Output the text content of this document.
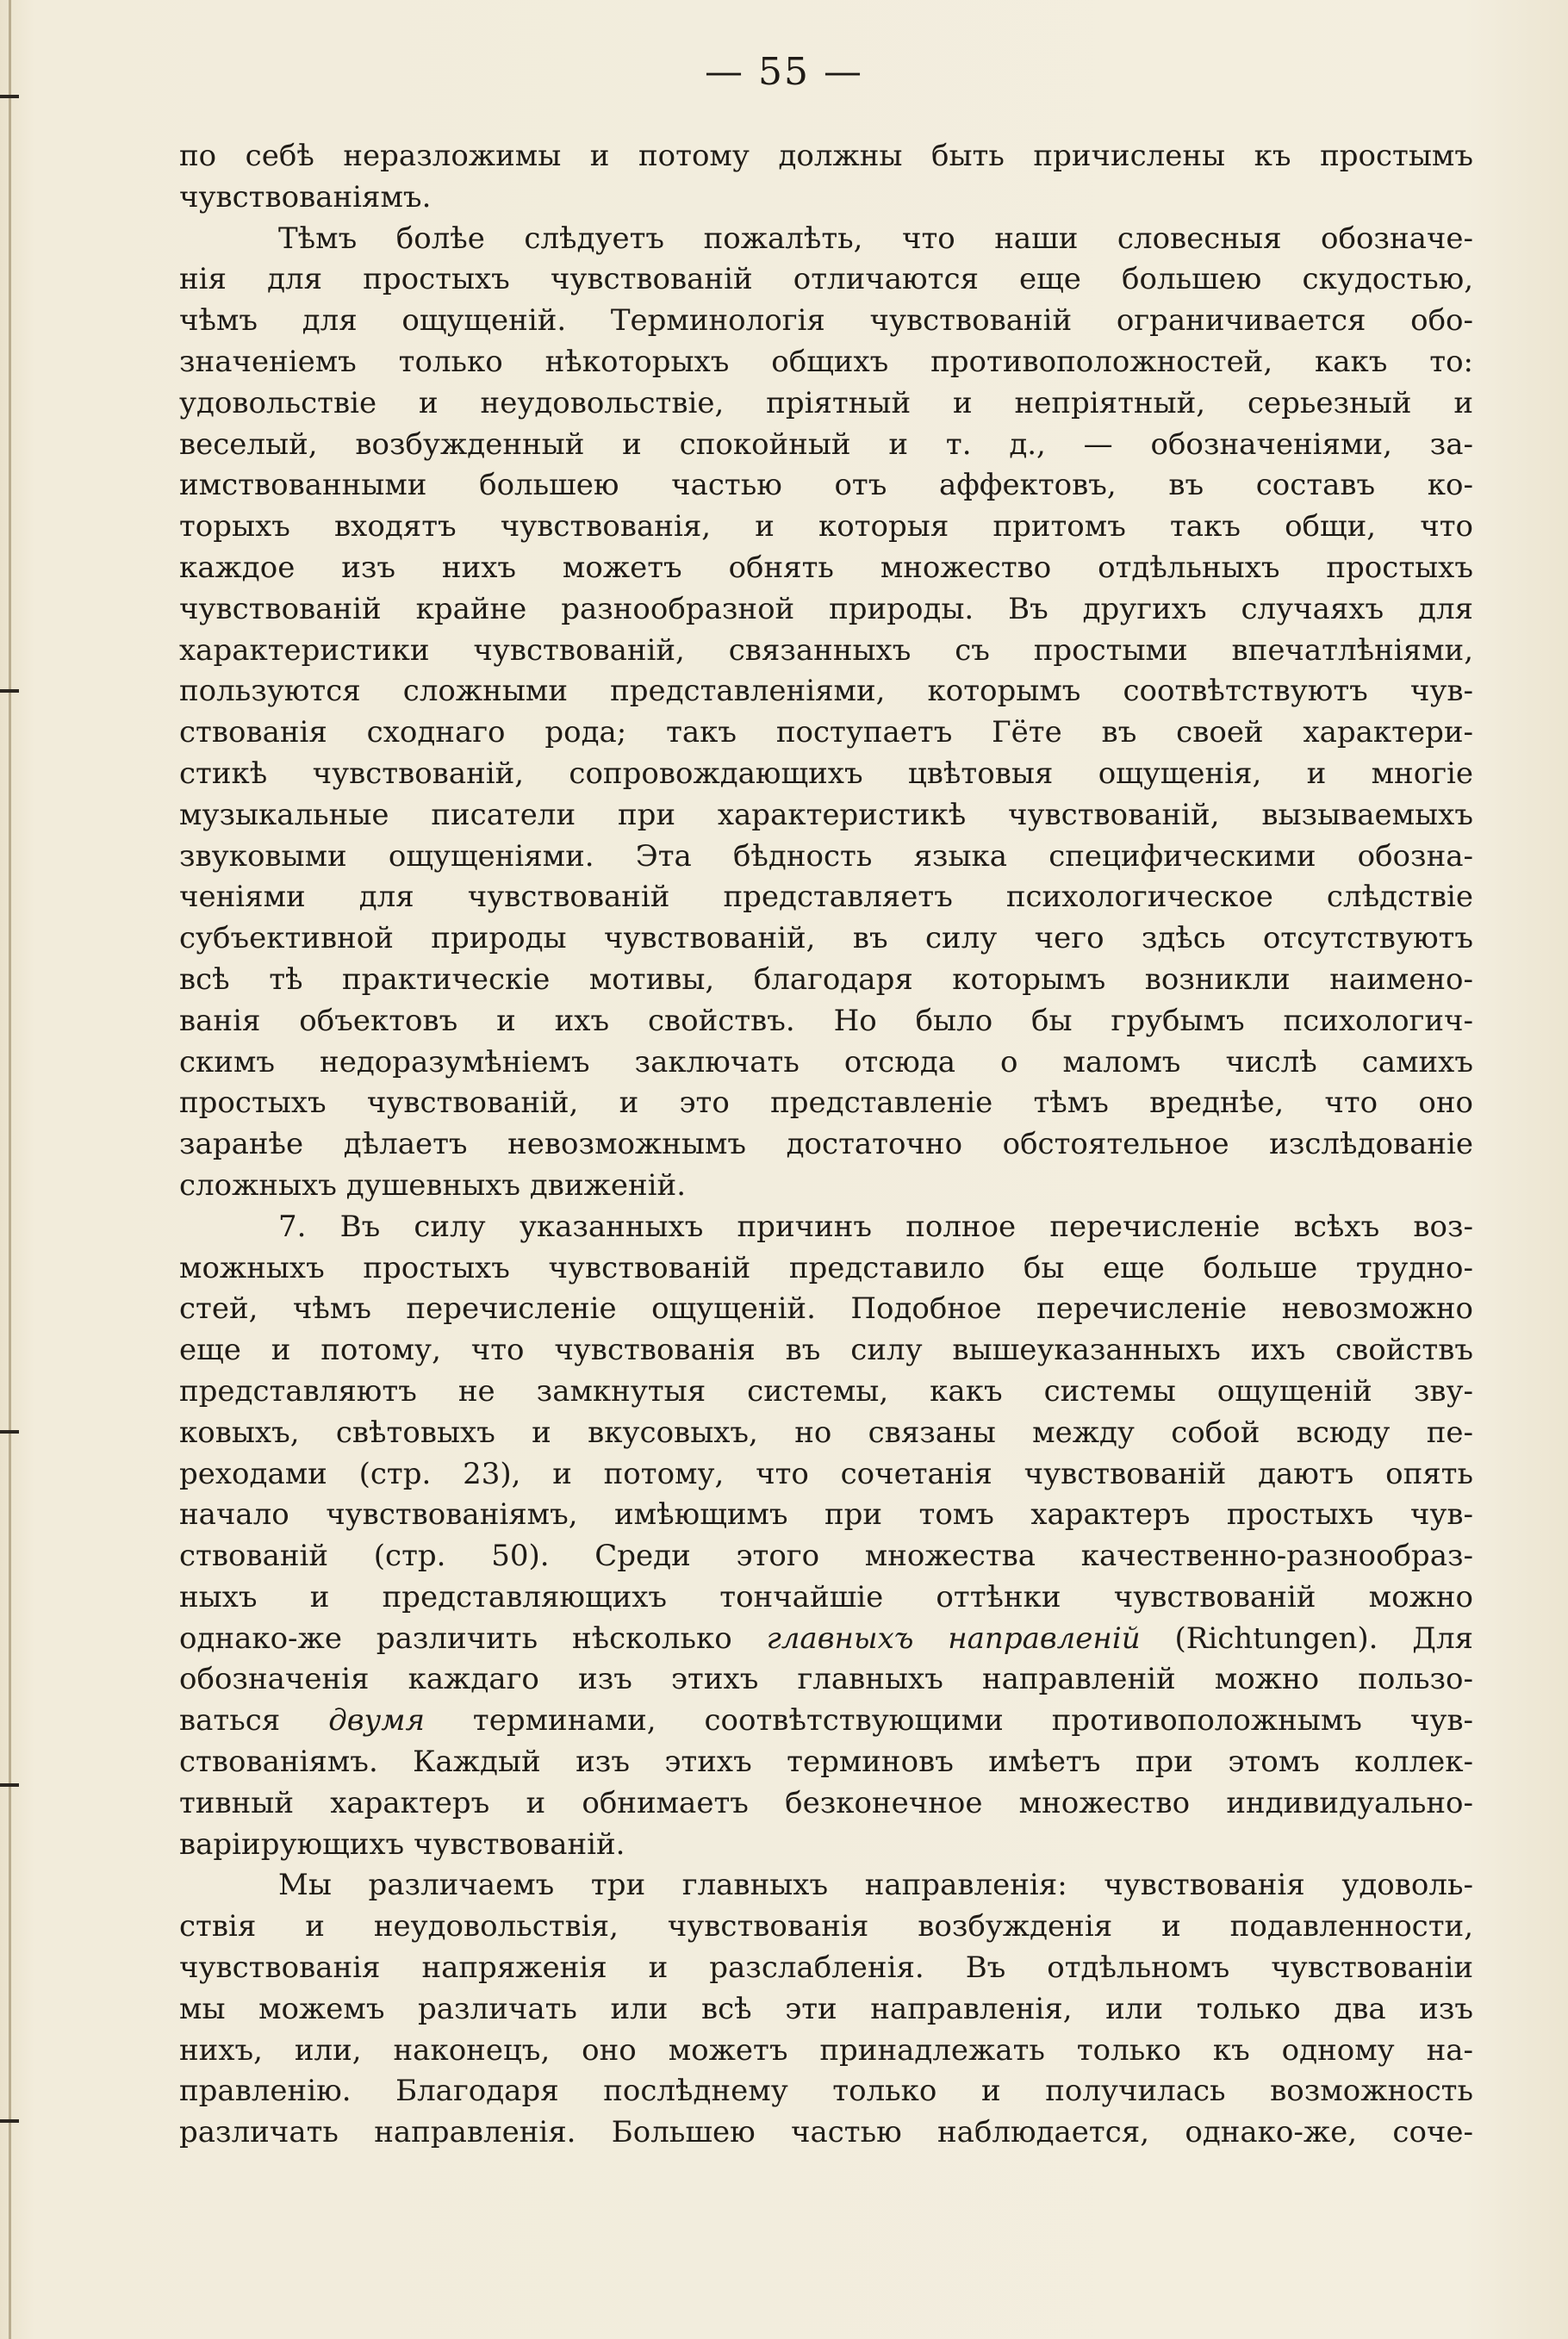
— 55 —
по себѣ неразложимы и потому должны быть причислены къ простымъ
чувствованіямъ.
Тѣмъ болѣе слѣдуетъ пожалѣть, что наши словесныя обозначе-
нія для простыхъ чувствованій отличаются еще большею скудостью,
чѣмъ для ощущеній. Терминологія чувствованій ограничивается обо-
значеніемъ только нѣкоторыхъ общихъ противоположностей, какъ то:
удовольствіе и неудовольствіе, пріятный и непріятный, серьезный и
веселый, возбужденный и спокойный и т. д., — обозначеніями, за-
имствованными большею частью отъ аффектовъ, въ составъ ко-
торыхъ входятъ чувствованія, и которыя притомъ такъ общи, что
каждое изъ нихъ можетъ обнять множество отдѣльныхъ простыхъ
чувствованій крайне разнообразной природы. Въ другихъ случаяхъ для
характеристики чувствованій, связанныхъ съ простыми впечатлѣніями,
пользуются сложными представленіями, которымъ соотвѣтствуютъ чув-
ствованія сходнаго рода; такъ поступаетъ Гёте въ своей характери-
стикѣ чувствованій, сопровождающихъ цвѣтовыя ощущенія, и многіе
музыкальные писатели при характеристикѣ чувствованій, вызываемыхъ
звуковыми ощущеніями. Эта бѣдность языка специфическими обозна-
ченіями для чувствованій представляетъ психологическое слѣдствіе
субъективной природы чувствованій, въ силу чего здѣсь отсутствуютъ
всѣ тѣ практическіе мотивы, благодаря которымъ возникли наимено-
ванія объектовъ и ихъ свойствъ. Но было бы грубымъ психологич-
скимъ недоразумѣніемъ заключать отсюда о маломъ числѣ самихъ
простыхъ чувствованій, и это представленіе тѣмъ вреднѣе, что оно
заранѣе дѣлаетъ невозможнымъ достаточно обстоятельное изслѣдованіе
сложныхъ душевныхъ движеній.
7. Въ силу указанныхъ причинъ полное перечисленіе всѣхъ воз-
можныхъ простыхъ чувствованій представило бы еще больше трудно-
стей, чѣмъ перечисленіе ощущеній. Подобное перечисленіе невозможно
еще и потому, что чувствованія въ силу вышеуказанныхъ ихъ свойствъ
представляютъ не замкнутыя системы, какъ системы ощущеній зву-
ковыхъ, свѣтовыхъ и вкусовыхъ, но связаны между собой всюду пе-
реходами (стр. 23), и потому, что сочетанія чувствованій даютъ опять
начало чувствованіямъ, имѣющимъ при томъ характеръ простыхъ чув-
ствованій (стр. 50). Среди этого множества качественно-разнообраз-
ныхъ и представляющихъ тончайшіе оттѣнки чувствованій можно
однако-же различить нѣсколько главныхъ направленій (Richtungen). Для
обозначенія каждаго изъ этихъ главныхъ направленій можно пользо-
ваться двумя терминами, соотвѣтствующими противоположнымъ чув-
ствованіямъ. Каждый изъ этихъ терминовъ имѣетъ при этомъ коллек-
тивный характеръ и обнимаетъ безконечное множество индивидуально-
варіирующихъ чувствованій.
Мы различаемъ три главныхъ направленія: чувствованія удоволь-
ствія и неудовольствія, чувствованія возбужденія и подавленности,
чувствованія напряженія и разслабленія. Въ отдѣльномъ чувствованіи
мы можемъ различать или всѣ эти направленія, или только два изъ
нихъ, или, наконецъ, оно можетъ принадлежать только къ одному на-
правленію. Благодаря послѣднему только и получилась возможность
различать направленія. Большею частью наблюдается, однако-же, соче-
